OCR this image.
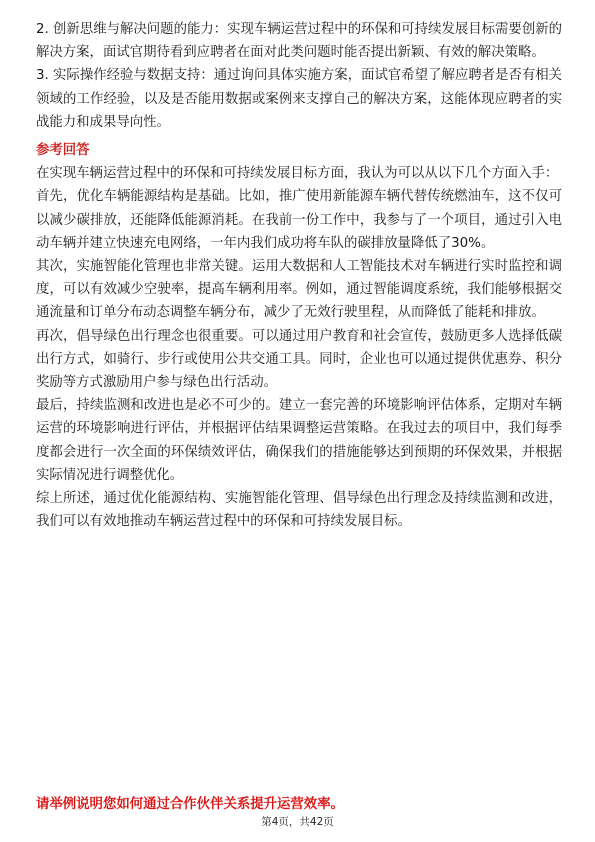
2. 创新思维与解决问题的能力：实现车辆运营过程中的环保和可持续发展目标需要创新的解决方案，面试官期待看到应聘者在面对此类问题时能否提出新颖、有效的解决策略。

3. 实际操作经验与数据支持：通过询问具体实施方案，面试官希望了解应聘者是否有相关领域的工作经验，以及是否能用数据或案例来支撑自己的解决方案，这能体现应聘者的实战能力和成果导向性。

参考回答

在实现车辆运营过程中的环保和可持续发展目标方面，我认为可以从以下几个方面入手：

首先，优化车辆能源结构是基础。比如，推广使用新能源车辆代替传统燃油车，这不仅可以减少碳排放，还能降低能源消耗。在我前一份工作中，我参与了一个项目，通过引入电动车辆并建立快速充电网络，一年内我们成功将车队的碳排放量降低了30%。

其次，实施智能化管理也非常关键。运用大数据和人工智能技术对车辆进行实时监控和调度，可以有效减少空驶率，提高车辆利用率。例如，通过智能调度系统，我们能够根据交通流量和订单分布动态调整车辆分布，减少了无效行驶里程，从而降低了能耗和排放。

再次，倡导绿色出行理念也很重要。可以通过用户教育和社会宣传，鼓励更多人选择低碳出行方式，如骑行、步行或使用公共交通工具。同时，企业也可以通过提供优惠券、积分奖励等方式激励用户参与绿色出行活动。

最后，持续监测和改进也是必不可少的。建立一套完善的环境影响评估体系，定期对车辆运营的环境影响进行评估，并根据评估结果调整运营策略。在我过去的项目中，我们每季度都会进行一次全面的环保绩效评估，确保我们的措施能够达到预期的环保效果，并根据实际情况进行调整优化。

综上所述，通过优化能源结构、实施智能化管理、倡导绿色出行理念及持续监测和改进，我们可以有效地推动车辆运营过程中的环保和可持续发展目标。

请举例说明您如何通过合作伙伴关系提升运营效率。

第4页，共42页
